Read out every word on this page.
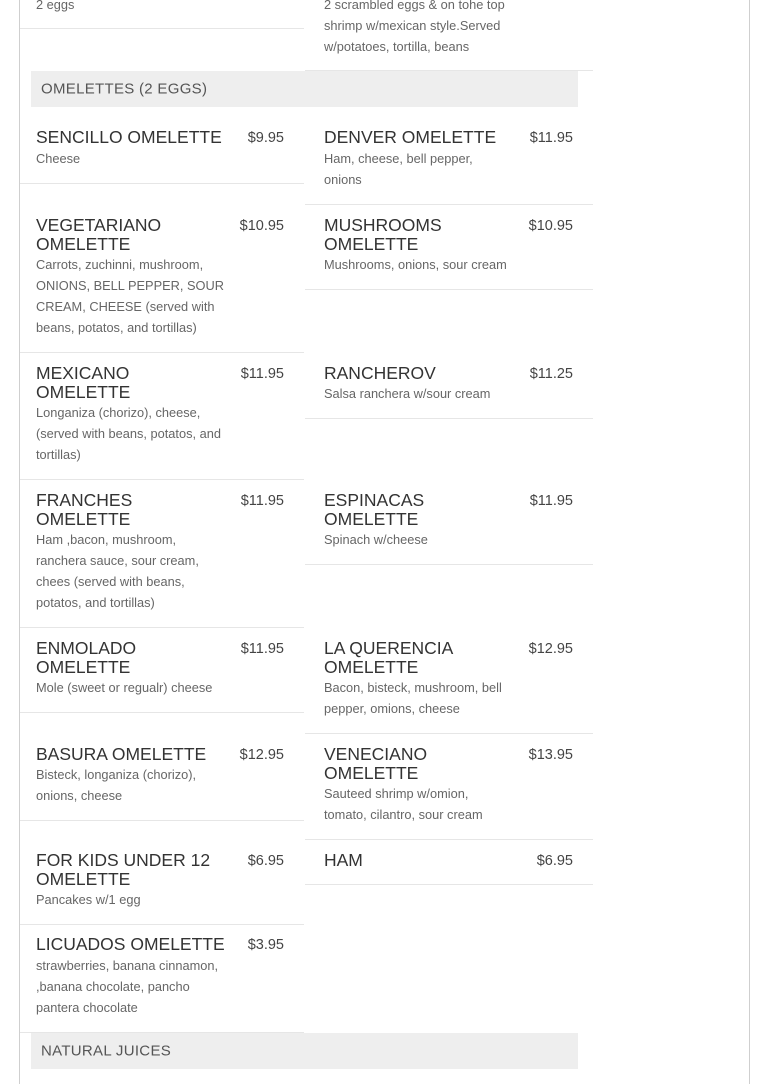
2 eggs	2 scrambled eggs & on tohe top shrimp w/mexican style.Served w/potatoes, tortilla, beans
OMELETTES (2 EGGS)
SENCILLO OMELETTE	$9.95
Cheese
DENVER OMELETTE	$11.95
Ham, cheese, bell pepper, onions
VEGETARIANO OMELETTE
$10.95
Carrots, zuchinni, mushroom, ONIONS, BELL PEPPER, SOUR CREAM, CHEESE (served with beans, potatos, and tortillas)
MUSHROOMS OMELETTE
$10.95
Mushrooms, onions, sour cream
MEXICANO OMELETTE
$11.95
Longaniza (chorizo), cheese, (served with beans, potatos, and tortillas)
RANCHEROV	$11.25
Salsa ranchera w/sour cream
FRANCHES OMELETTE
$11.95
Ham ,bacon, mushroom, ranchera sauce, sour cream, chees (served with beans, potatos, and tortillas)
ESPINACAS OMELETTE
$11.95
Spinach w/cheese
ENMOLADO OMELETTE
$11.95
Mole (sweet or regualr) cheese
LA QUERENCIA OMELETTE
$12.95
Bacon, bisteck, mushroom, bell pepper, omions, cheese
BASURA OMELETTE	$12.95
Bisteck, longaniza (chorizo), onions, cheese
VENECIANO OMELETTE
$13.95
Sauteed shrimp w/omion, tomato, cilantro, sour cream
FOR KIDS UNDER 12 OMELETTE
$6.95
Pancakes w/1 egg
HAM	$6.95
LICUADOS OMELETTE	$3.95
strawberries, banana cinnamon, ,banana chocolate, pancho pantera chocolate
NATURAL JUICES
